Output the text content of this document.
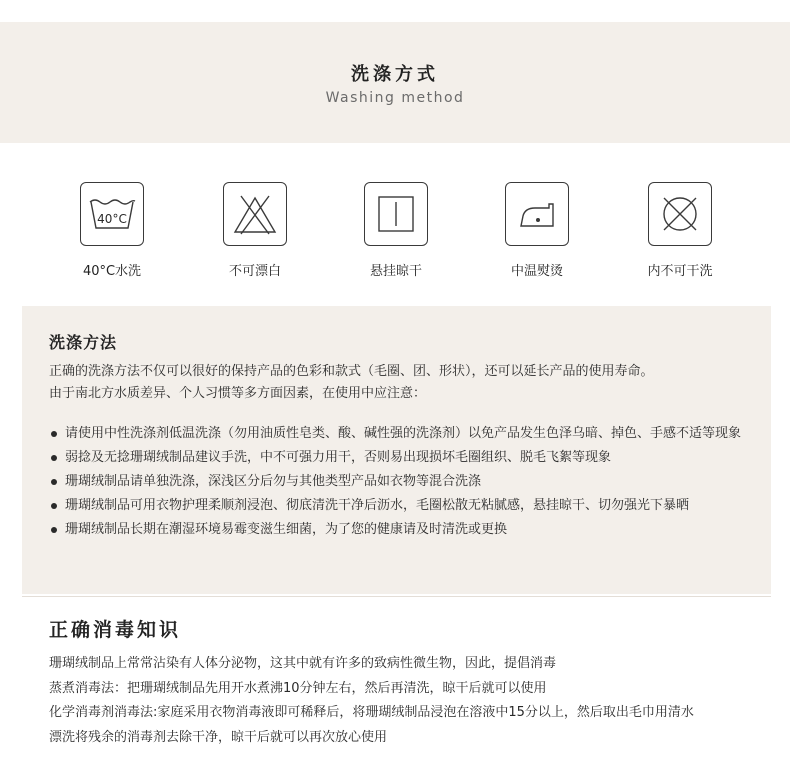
洗涤方式
Washing method
40°C
40°C水洗	不可漂白	悬挂晾干	中温熨烫	内不可干洗
洗涤方法
正确的洗涤方法不仅可以很好的保持产品的色彩和款式（毛圈、团、形状），还可以延长产品的使用寿命。
由于南北方水质差异、个人习惯等多方面因素，在使用中应注意：
请使用中性洗涤剂低温洗涤（勿用油质性皂类、酸、碱性强的洗涤剂）以免产品发生色泽乌暗、掉色、手感不适等现象
弱捻及无捻珊瑚绒制品建议手洗，中不可强力用干，否则易出现损坏毛圈组织、脱毛飞絮等现象
珊瑚绒制品请单独洗涤，深浅区分后勿与其他类型产品如衣物等混合洗涤
珊瑚绒制品可用衣物护理柔顺剂浸泡、彻底清洗干净后沥水，毛圈松散无粘腻感，悬挂晾干、切勿强光下暴晒
珊瑚绒制品长期在潮湿环境易霉变滋生细菌，为了您的健康请及时清洗或更换
正确消毒知识
珊瑚绒制品上常常沾染有人体分泌物，这其中就有许多的致病性微生物，因此，提倡消毒
蒸煮消毒法：把珊瑚绒制品先用开水煮沸10分钟左右，然后再清洗，晾干后就可以使用
化学消毒剂消毒法:家庭采用衣物消毒液即可稀释后，将珊瑚绒制品浸泡在溶液中15分以上，然后取出毛巾用清水
漂洗将残余的消毒剂去除干净，晾干后就可以再次放心使用
